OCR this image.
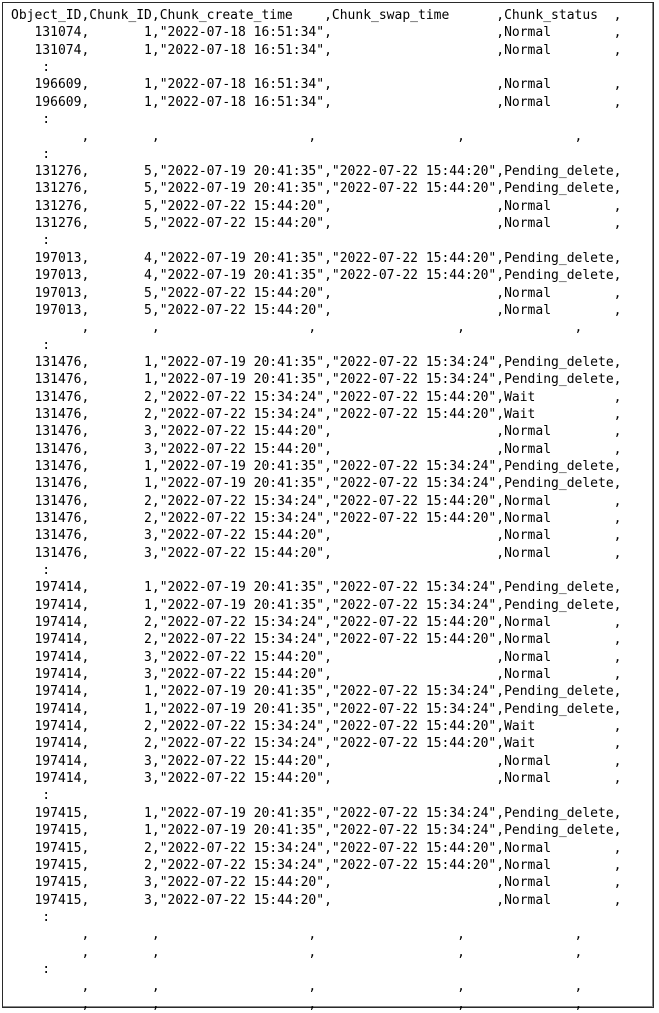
Object_ID,Chunk_ID,Chunk_create_time    ,Chunk_swap_time      ,Chunk_status  ,
131074,       1,"2022-07-18 16:51:34",                     ,Normal        ,
131074,       1,"2022-07-18 16:51:34",                     ,Normal        ,
:
196609,       1,"2022-07-18 16:51:34",                     ,Normal        ,
196609,       1,"2022-07-18 16:51:34",                     ,Normal        ,
:
,        ,                   ,                  ,              ,
:
131276,       5,"2022-07-19 20:41:35","2022-07-22 15:44:20",Pending_delete,
131276,       5,"2022-07-19 20:41:35","2022-07-22 15:44:20",Pending_delete,
131276,       5,"2022-07-22 15:44:20",                     ,Normal        ,
131276,       5,"2022-07-22 15:44:20",                     ,Normal        ,
:
197013,       4,"2022-07-19 20:41:35","2022-07-22 15:44:20",Pending_delete,
197013,       4,"2022-07-19 20:41:35","2022-07-22 15:44:20",Pending_delete,
197013,       5,"2022-07-22 15:44:20",                     ,Normal        ,
197013,       5,"2022-07-22 15:44:20",                     ,Normal        ,
,        ,                   ,                  ,              ,
:
131476,       1,"2022-07-19 20:41:35","2022-07-22 15:34:24",Pending_delete,
131476,       1,"2022-07-19 20:41:35","2022-07-22 15:34:24",Pending_delete,
131476,       2,"2022-07-22 15:34:24","2022-07-22 15:44:20",Wait          ,
131476,       2,"2022-07-22 15:34:24","2022-07-22 15:44:20",Wait          ,
131476,       3,"2022-07-22 15:44:20",                     ,Normal        ,
131476,       3,"2022-07-22 15:44:20",                     ,Normal        ,
131476,       1,"2022-07-19 20:41:35","2022-07-22 15:34:24",Pending_delete,
131476,       1,"2022-07-19 20:41:35","2022-07-22 15:34:24",Pending_delete,
131476,       2,"2022-07-22 15:34:24","2022-07-22 15:44:20",Normal        ,
131476,       2,"2022-07-22 15:34:24","2022-07-22 15:44:20",Normal        ,
131476,       3,"2022-07-22 15:44:20",                     ,Normal        ,
131476,       3,"2022-07-22 15:44:20",                     ,Normal        ,
:
197414,       1,"2022-07-19 20:41:35","2022-07-22 15:34:24",Pending_delete,
197414,       1,"2022-07-19 20:41:35","2022-07-22 15:34:24",Pending_delete,
197414,       2,"2022-07-22 15:34:24","2022-07-22 15:44:20",Normal        ,
197414,       2,"2022-07-22 15:34:24","2022-07-22 15:44:20",Normal        ,
197414,       3,"2022-07-22 15:44:20",                     ,Normal        ,
197414,       3,"2022-07-22 15:44:20",                     ,Normal        ,
197414,       1,"2022-07-19 20:41:35","2022-07-22 15:34:24",Pending_delete,
197414,       1,"2022-07-19 20:41:35","2022-07-22 15:34:24",Pending_delete,
197414,       2,"2022-07-22 15:34:24","2022-07-22 15:44:20",Wait          ,
197414,       2,"2022-07-22 15:34:24","2022-07-22 15:44:20",Wait          ,
197414,       3,"2022-07-22 15:44:20",                     ,Normal        ,
197414,       3,"2022-07-22 15:44:20",                     ,Normal        ,
:
197415,       1,"2022-07-19 20:41:35","2022-07-22 15:34:24",Pending_delete,
197415,       1,"2022-07-19 20:41:35","2022-07-22 15:34:24",Pending_delete,
197415,       2,"2022-07-22 15:34:24","2022-07-22 15:44:20",Normal        ,
197415,       2,"2022-07-22 15:34:24","2022-07-22 15:44:20",Normal        ,
197415,       3,"2022-07-22 15:44:20",                     ,Normal        ,
197415,       3,"2022-07-22 15:44:20",                     ,Normal        ,
:
,        ,                   ,                  ,              ,
,        ,                   ,                  ,              ,
:
,        ,                   ,                  ,              ,
,        ,                   ,                  ,              ,
